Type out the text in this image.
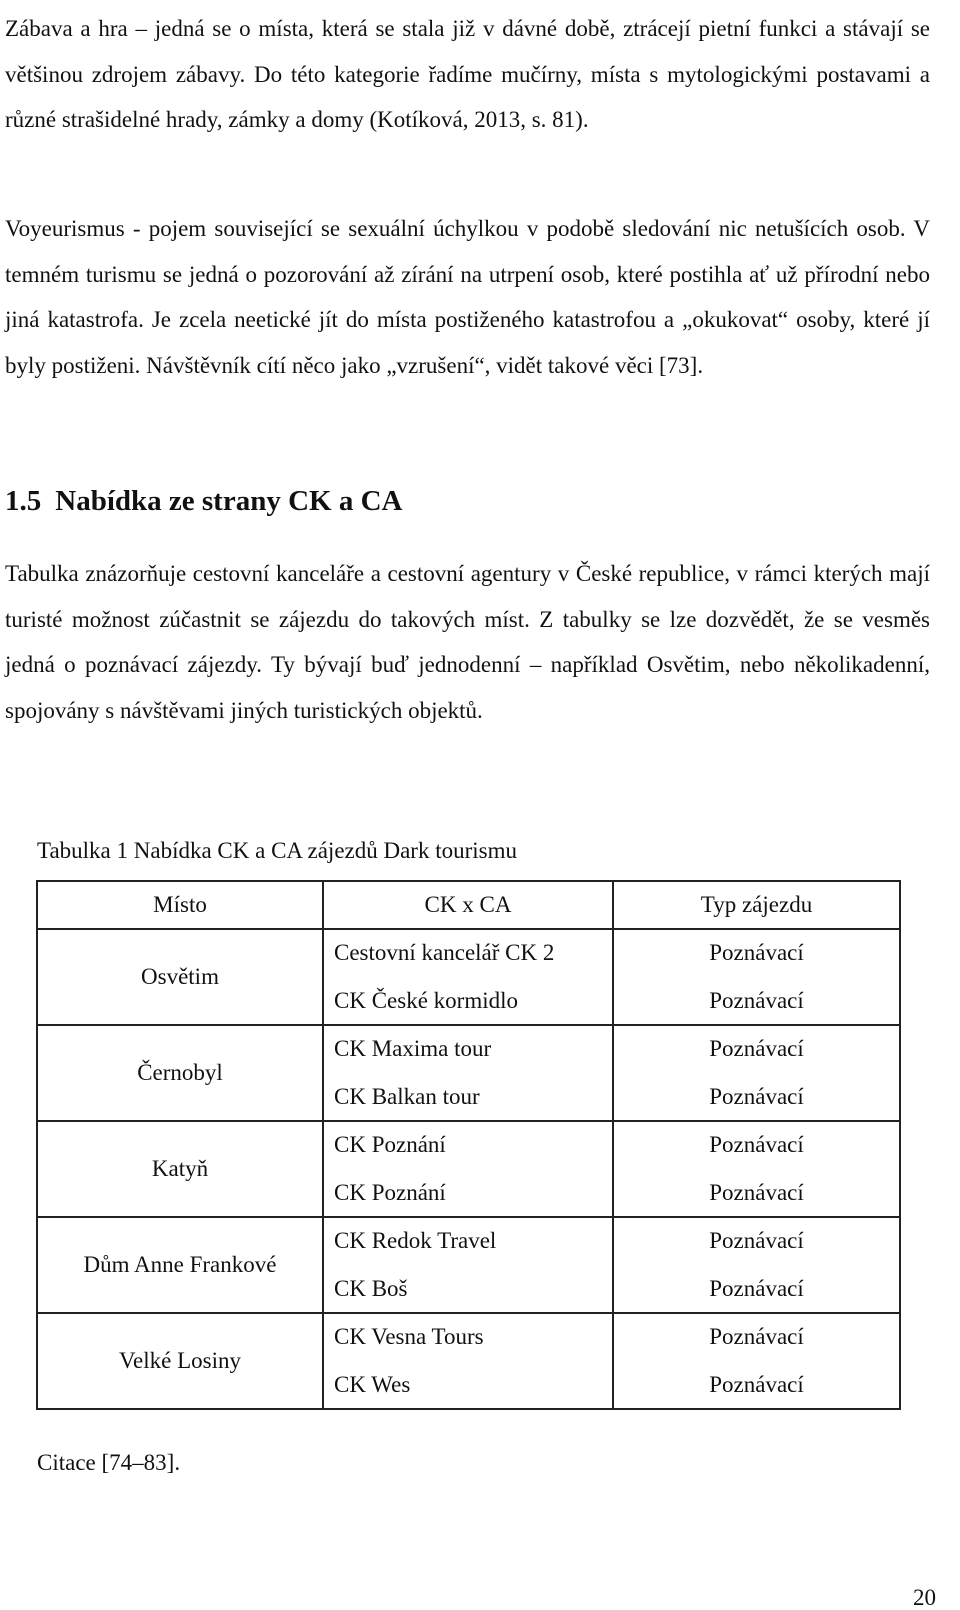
Zábava a hra – jedná se o místa, která se stala již v dávné době, ztrácejí pietní funkci a stávají se většinou zdrojem zábavy. Do této kategorie řadíme mučírny, místa s mytologickými postavami a různé strašidelné hrady, zámky a domy (Kotíková, 2013, s. 81).

Voyeurismus - pojem související se sexuální úchylkou v podobě sledování nic netušících osob. V temném turismu se jedná o pozorování až zírání na utrpení osob, které postihla ať už přírodní nebo jiná katastrofa. Je zcela neetické jít do místa postiženého katastrofou a „okukovat“ osoby, které jí byly postiženi. Návštěvník cítí něco jako „vzrušení“, vidět takové věci [73].

1.5 Nabídka ze strany CK a CA

Tabulka znázorňuje cestovní kanceláře a cestovní agentury v České republice, v rámci kterých mají turisté možnost zúčastnit se zájezdu do takových míst. Z tabulky se lze dozvědět, že se vesměs jedná o poznávací zájezdy. Ty bývají buď jednodenní – například Osvětim, nebo několikadenní, spojovány s návštěvami jiných turistických objektů.

Tabulka 1 Nabídka CK a CA zájezdů Dark tourismu

Místo	CK x CA	Typ zájezdu
Osvětim	Cestovní kancelář CK 2	Poznávací
	CK České kormidlo	Poznávací
Černobyl	CK Maxima tour	Poznávací
	CK Balkan tour	Poznávací
Katyň	CK Poznání	Poznávací
	CK Poznání	Poznávací
Dům Anne Frankové	CK Redok Travel	Poznávací
	CK Boš	Poznávací
Velké Losiny	CK Vesna Tours	Poznávací
	CK Wes	Poznávací

Citace [74–83].

20
